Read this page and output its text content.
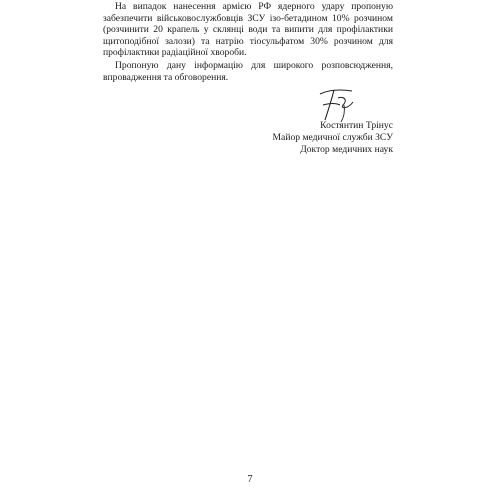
На випадок нанесення армією РФ ядерного удару пропоную забезпечити військовослужбовців ЗСУ ізо-бетадином 10% розчином (розчинити 20 крапель у склянці води та випити для профілактики щитоподібної залози) та натрію тіосульфатом 30% розчином для профілактики радіаційної хвороби.

Пропоную дану інформацію для широкого розповсюдження, впровадження та обговорення.

Костянтин Трінус
Майор медичної служби ЗСУ
Доктор медичних наук
7
